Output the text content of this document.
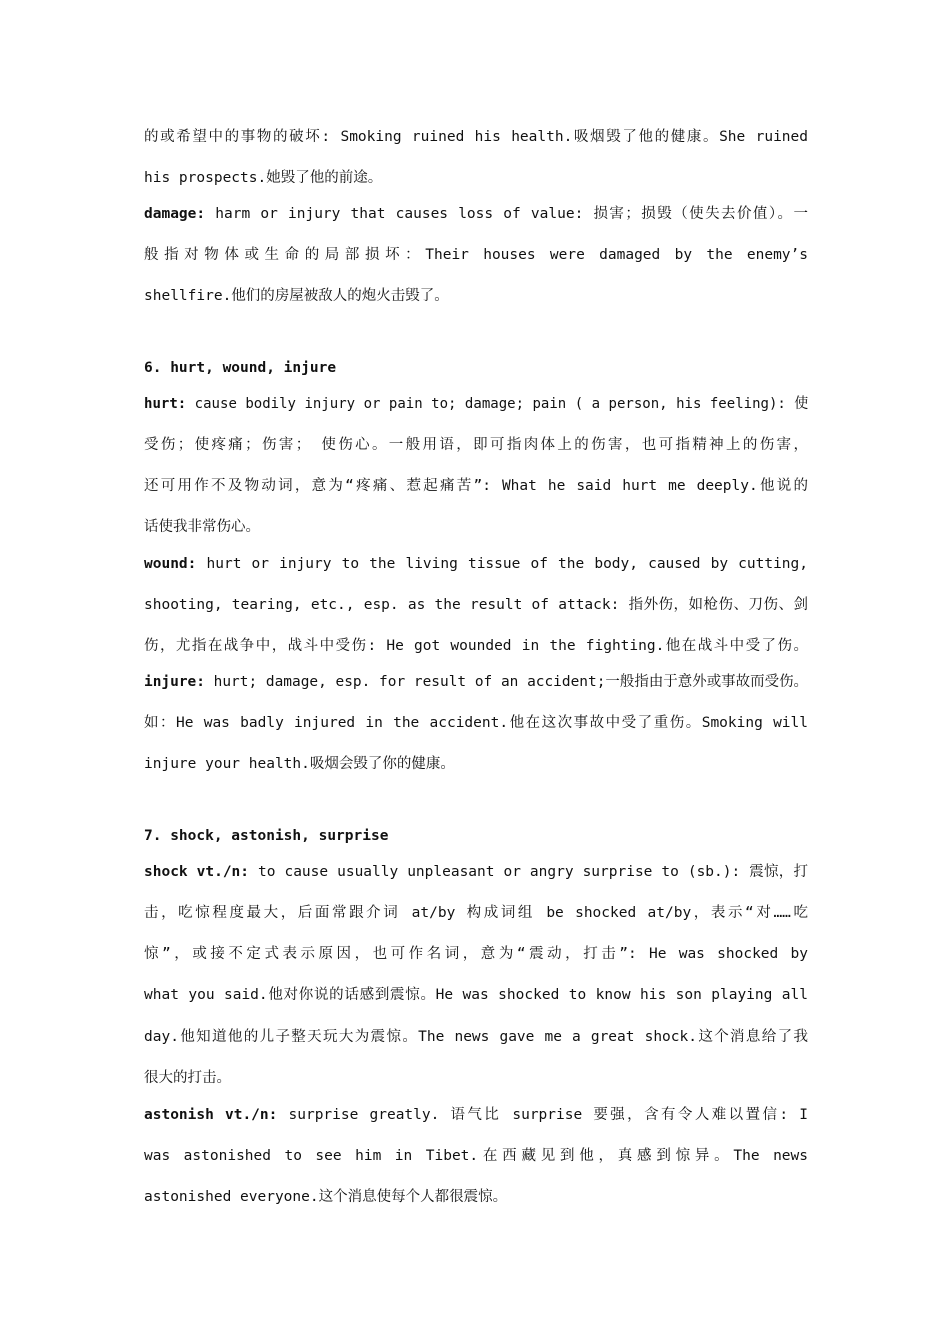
的或希望中的事物的破坏: Smoking ruined his health.吸烟毁了他的健康。She ruined
his prospects.她毁了他的前途。
damage: harm or injury that causes loss of value: 损害；损毁（使失去价值）。一
般指对物体或生命的局部损坏：Their houses were damaged by the enemy’s
shellfire.他们的房屋被敌人的炮火击毁了。
6. hurt, wound, injure
hurt: cause bodily injury or pain to; damage; pain ( a person, his feeling): 使
受伤；使疼痛；伤害； 使伤心。一般用语，即可指肉体上的伤害，也可指精神上的伤害，
还可用作不及物动词，意为“疼痛、惹起痛苦”: What he said hurt me deeply.他说的
话使我非常伤心。
wound: hurt or injury to the living tissue of the body, caused by cutting,
shooting, tearing, etc., esp. as the result of attack: 指外伤，如枪伤、刀伤、剑
伤，尤指在战争中，战斗中受伤: He got wounded in the fighting.他在战斗中受了伤。
injure: hurt; damage, esp. for result of an accident;一般指由于意外或事故而受伤。
如：He was badly injured in the accident.他在这次事故中受了重伤。Smoking will
injure your health.吸烟会毁了你的健康。
7. shock, astonish, surprise
shock vt./n: to cause usually unpleasant or angry surprise to (sb.): 震惊，打
击，吃惊程度最大，后面常跟介词 at/by 构成词组 be shocked at/by，表示“对……吃
惊”，或接不定式表示原因，也可作名词，意为“震动，打击”: He was shocked by
what you said.他对你说的话感到震惊。He was shocked to know his son playing all
day.他知道他的儿子整天玩大为震惊。The news gave me a great shock.这个消息给了我
很大的打击。
astonish vt./n: surprise greatly. 语气比 surprise 要强，含有令人难以置信: I
was astonished to see him in Tibet.在西藏见到他，真感到惊异。The news
astonished everyone.这个消息使每个人都很震惊。
